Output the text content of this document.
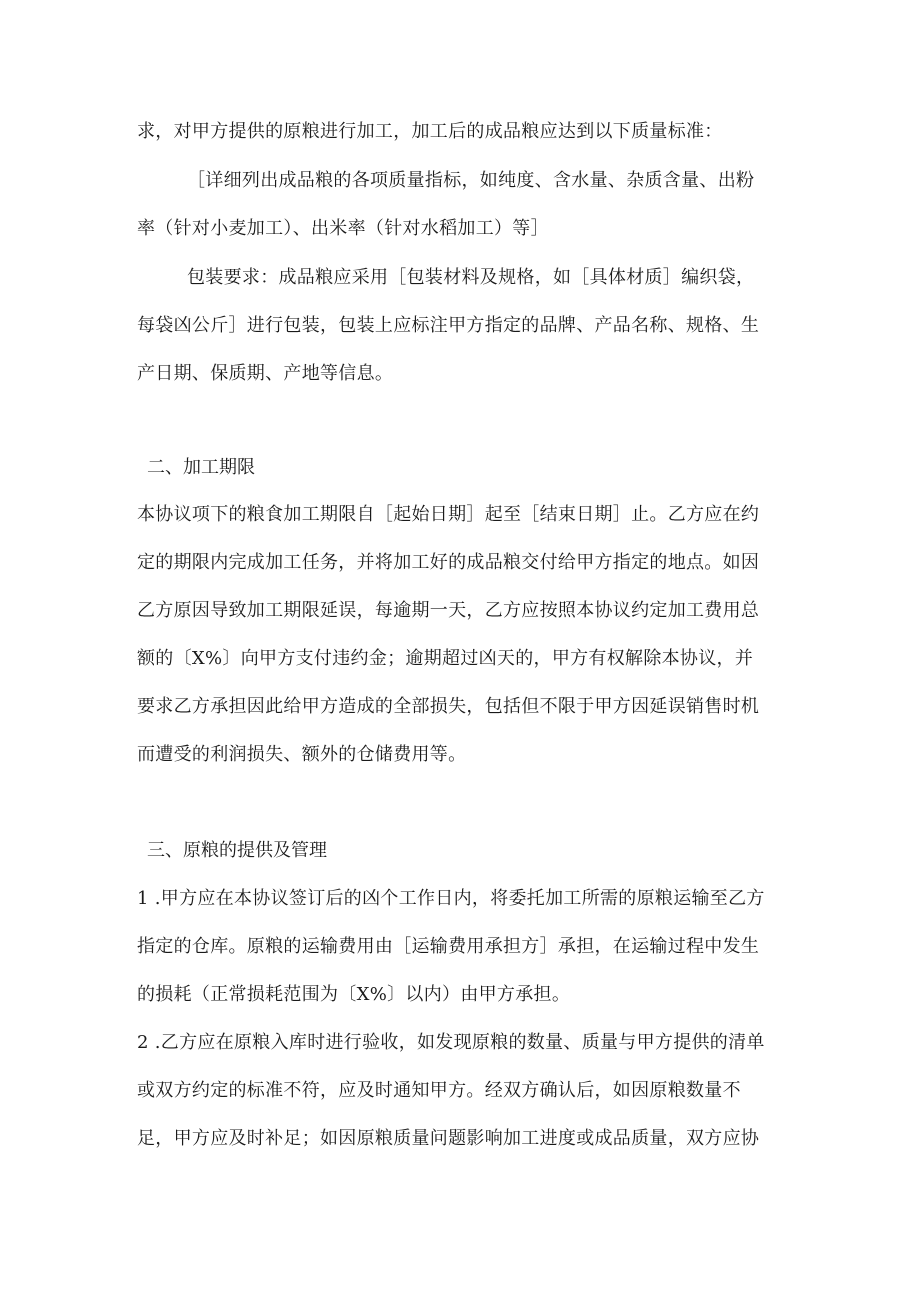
求，对甲方提供的原粮进行加工，加工后的成品粮应达到以下质量标准：
［详细列出成品粮的各项质量指标，如纯度、含水量、杂质含量、出粉
率（针对小麦加工）、出米率（针对水稻加工）等］
包装要求：成品粮应采用［包装材料及规格，如［具体材质］编织袋，
每袋凶公斤］进行包装，包装上应标注甲方指定的品牌、产品名称、规格、生
产日期、保质期、产地等信息。
二、加工期限
本协议项下的粮食加工期限自［起始日期］起至［结束日期］止。乙方应在约
定的期限内完成加工任务，并将加工好的成品粮交付给甲方指定的地点。如因
乙方原因导致加工期限延误，每逾期一天，乙方应按照本协议约定加工费用总
额的〔X%〕向甲方支付违约金；逾期超过凶天的，甲方有权解除本协议，并
要求乙方承担因此给甲方造成的全部损失，包括但不限于甲方因延误销售时机
而遭受的利润损失、额外的仓储费用等。
三、原粮的提供及管理
1 .甲方应在本协议签订后的凶个工作日内，将委托加工所需的原粮运输至乙方
指定的仓库。原粮的运输费用由［运输费用承担方］承担，在运输过程中发生
的损耗（正常损耗范围为〔X%〕以内）由甲方承担。
2 .乙方应在原粮入库时进行验收，如发现原粮的数量、质量与甲方提供的清单
或双方约定的标准不符，应及时通知甲方。经双方确认后，如因原粮数量不
足，甲方应及时补足；如因原粮质量问题影响加工进度或成品质量，双方应协
